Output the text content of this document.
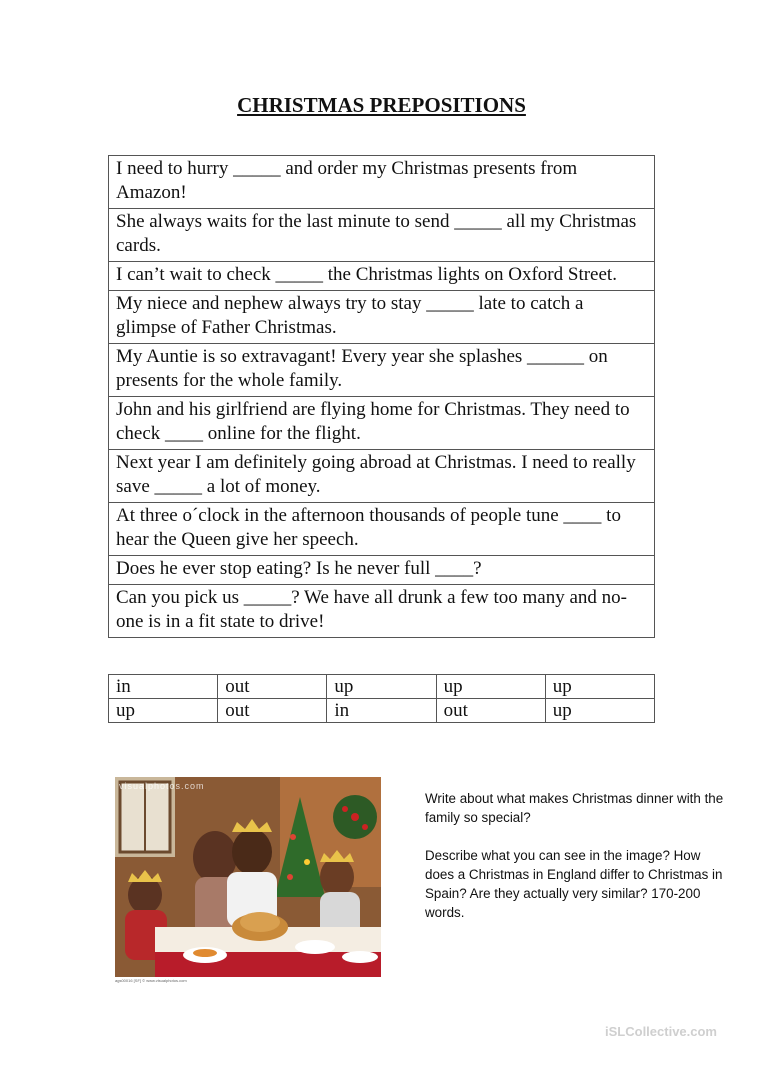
CHRISTMAS PREPOSITIONS
I need to hurry _____ and order my Christmas presents from Amazon!
She always waits for the last minute to send _____ all my Christmas cards.
I can’t wait to check _____ the Christmas lights on Oxford Street.
My niece and nephew always try to stay _____ late to catch a glimpse of Father Christmas.
My Auntie is so extravagant! Every year she splashes ______ on presents for the whole family.
John and his girlfriend are flying home for Christmas. They need to check ____ online for the flight.
Next year I am definitely going abroad at Christmas. I need to really save _____ a lot of money.
At three o´clock in the afternoon thousands of people tune ____ to hear the Queen give her speech.
Does he ever stop eating? Is he never full ____?
Can you pick us _____? We have all drunk a few too many and no-one is in a fit state to drive!
in	out	up	up	up
up	out	in	out	up
visualphotos.com
ags00016 [SF] © www.visualphotos.com

Write about what makes Christmas dinner with the family so special?

Describe what you can see in the image? How does a Christmas in England differ to Christmas in Spain? Are they actually very similar? 170-200 words.

iSLCollective.com
